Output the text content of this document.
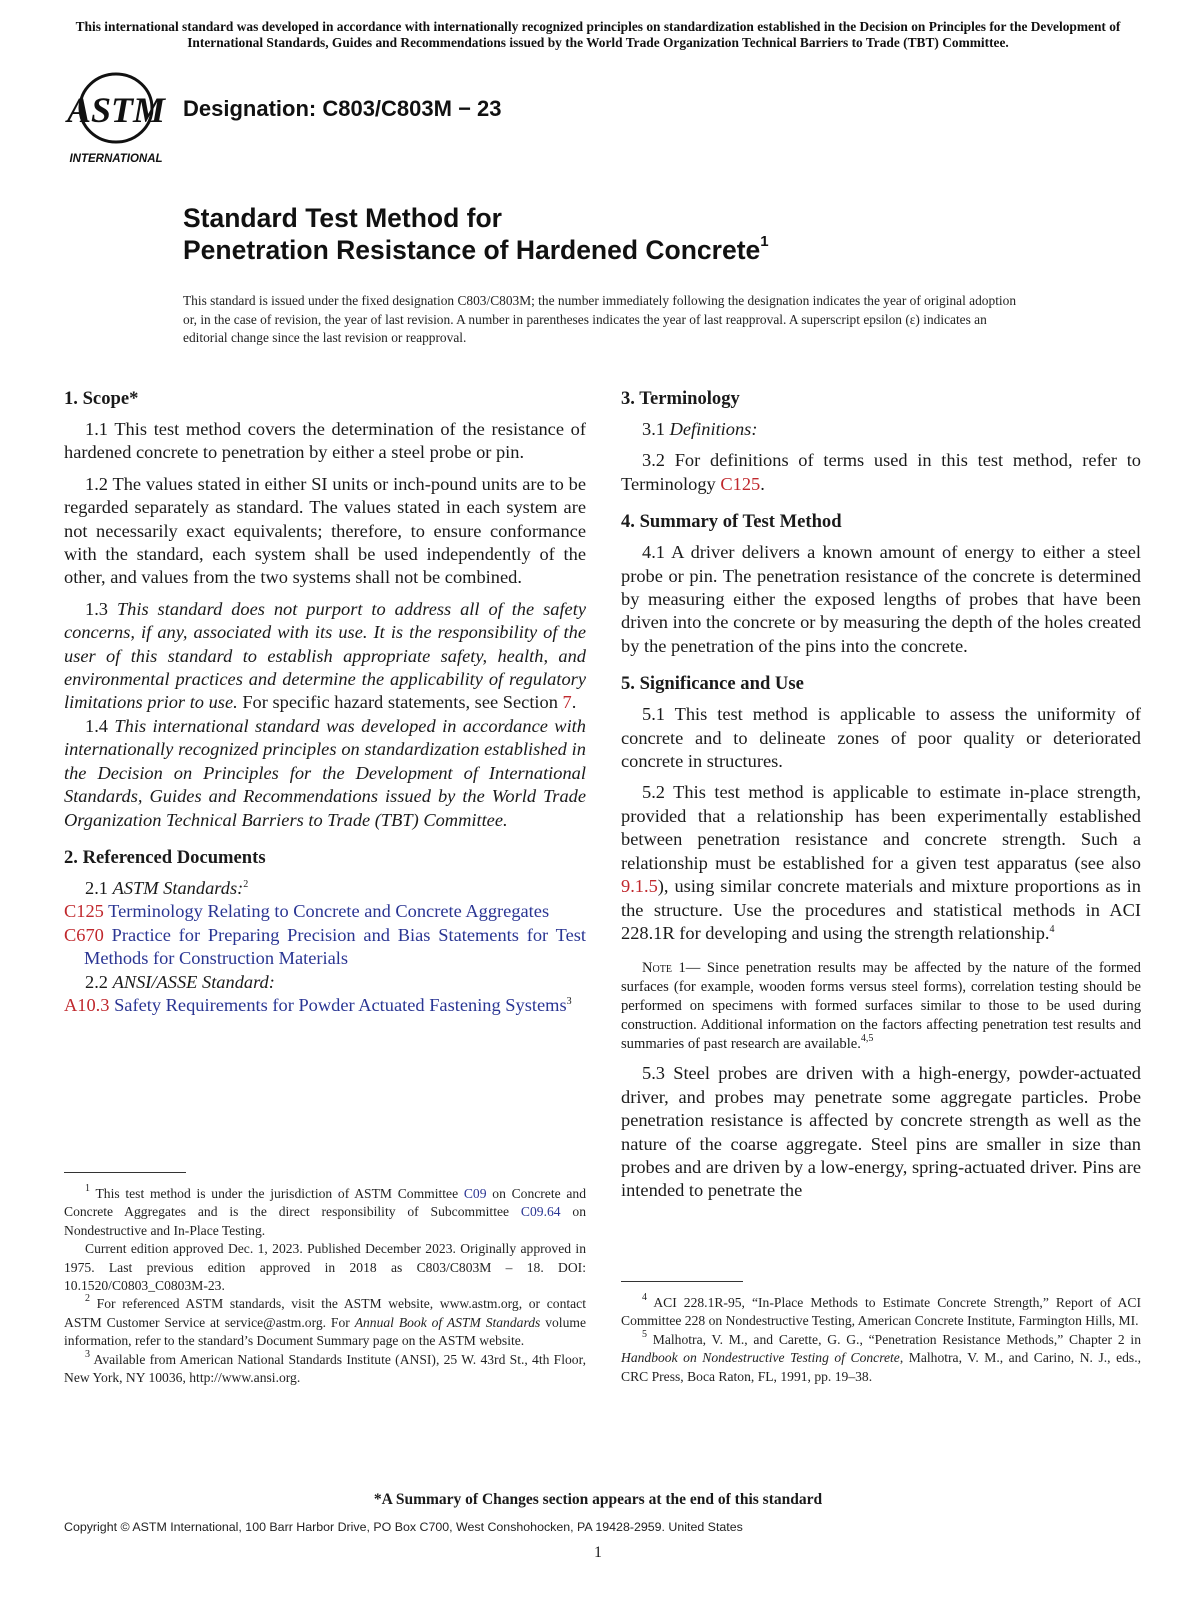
This international standard was developed in accordance with internationally recognized principles on standardization established in the Decision on Principles for the Development of International Standards, Guides and Recommendations issued by the World Trade Organization Technical Barriers to Trade (TBT) Committee.
ASTM
INTERNATIONAL
Designation: C803/C803M − 23
Standard Test Method for
Penetration Resistance of Hardened Concrete$^1$
This standard is issued under the fixed designation C803/C803M; the number immediately following the designation indicates the year of original adoption or, in the case of revision, the year of last revision. A number in parentheses indicates the year of last reapproval. A superscript epsilon (ε) indicates an editorial change since the last revision or reapproval.
1. Scope*

1.1 This test method covers the determination of the resistance of hardened concrete to penetration by either a steel probe or pin.

1.2 The values stated in either SI units or inch-pound units are to be regarded separately as standard. The values stated in each system are not necessarily exact equivalents; therefore, to ensure conformance with the standard, each system shall be used independently of the other, and values from the two systems shall not be combined.

1.3 This standard does not purport to address all of the safety concerns, if any, associated with its use. It is the responsibility of the user of this standard to establish appropriate safety, health, and environmental practices and determine the applicability of regulatory limitations prior to use. For specific hazard statements, see Section 7.

1.4 This international standard was developed in accordance with internationally recognized principles on standardization established in the Decision on Principles for the Development of International Standards, Guides and Recommendations issued by the World Trade Organization Technical Barriers to Trade (TBT) Committee.

2. Referenced Documents

2.1 ASTM Standards:$^2$

C125 Terminology Relating to Concrete and Concrete Aggregates

C670 Practice for Preparing Precision and Bias Statements for Test Methods for Construction Materials

2.2 ANSI/ASSE Standard:

A10.3 Safety Requirements for Powder Actuated Fastening Systems$^3$

$^1$ This test method is under the jurisdiction of ASTM Committee C09 on Concrete and Concrete Aggregates and is the direct responsibility of Subcommittee C09.64 on Nondestructive and In-Place Testing.

Current edition approved Dec. 1, 2023. Published December 2023. Originally approved in 1975. Last previous edition approved in 2018 as C803/C803M – 18. DOI: 10.1520/C0803_C0803M-23.

$^2$ For referenced ASTM standards, visit the ASTM website, www.astm.org, or contact ASTM Customer Service at service@astm.org. For Annual Book of ASTM Standards volume information, refer to the standard’s Document Summary page on the ASTM website.

$^3$ Available from American National Standards Institute (ANSI), 25 W. 43rd St., 4th Floor, New York, NY 10036, http://www.ansi.org.

3. Terminology

3.1 Definitions:

3.2 For definitions of terms used in this test method, refer to Terminology C125.

4. Summary of Test Method

4.1 A driver delivers a known amount of energy to either a steel probe or pin. The penetration resistance of the concrete is determined by measuring either the exposed lengths of probes that have been driven into the concrete or by measuring the depth of the holes created by the penetration of the pins into the concrete.

5. Significance and Use

5.1 This test method is applicable to assess the uniformity of concrete and to delineate zones of poor quality or deteriorated concrete in structures.

5.2 This test method is applicable to estimate in-place strength, provided that a relationship has been experimentally established between penetration resistance and concrete strength. Such a relationship must be established for a given test apparatus (see also 9.1.5), using similar concrete materials and mixture proportions as in the structure. Use the procedures and statistical methods in ACI 228.1R for developing and using the strength relationship.$^4$

Note 1— Since penetration results may be affected by the nature of the formed surfaces (for example, wooden forms versus steel forms), correlation testing should be performed on specimens with formed surfaces similar to those to be used during construction. Additional information on the factors affecting penetration test results and summaries of past research are available.$^{4,5}$

5.3 Steel probes are driven with a high-energy, powder-actuated driver, and probes may penetrate some aggregate particles. Probe penetration resistance is affected by concrete strength as well as the nature of the coarse aggregate. Steel pins are smaller in size than probes and are driven by a low-energy, spring-actuated driver. Pins are intended to penetrate the

$^4$ ACI 228.1R-95, “In-Place Methods to Estimate Concrete Strength,” Report of ACI Committee 228 on Nondestructive Testing, American Concrete Institute, Farmington Hills, MI.

$^5$ Malhotra, V. M., and Carette, G. G., “Penetration Resistance Methods,” Chapter 2 in Handbook on Nondestructive Testing of Concrete, Malhotra, V. M., and Carino, N. J., eds., CRC Press, Boca Raton, FL, 1991, pp. 19–38.

*A Summary of Changes section appears at the end of this standard
Copyright © ASTM International, 100 Barr Harbor Drive, PO Box C700, West Conshohocken, PA 19428-2959. United States
1
